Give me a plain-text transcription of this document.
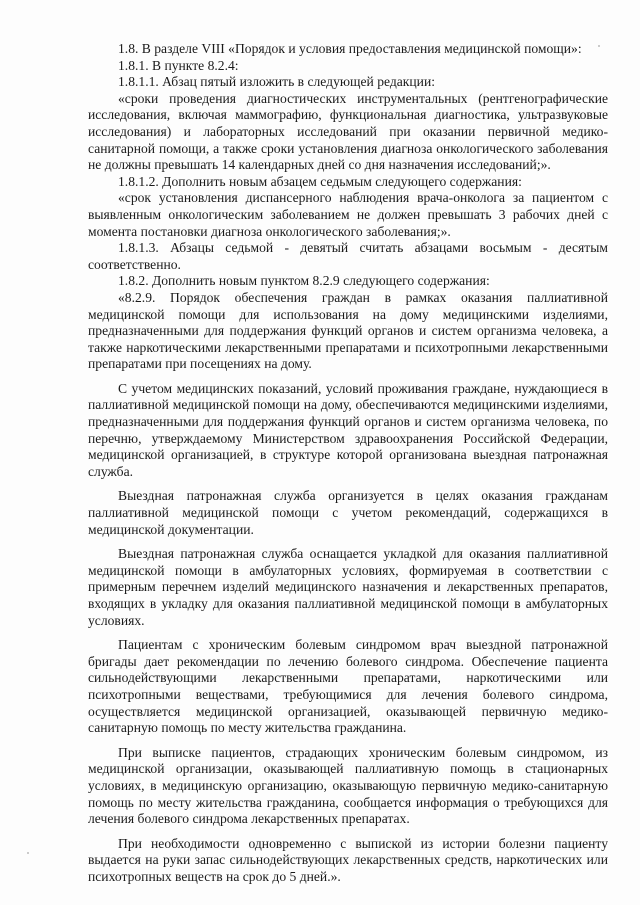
1.8. В разделе VIII «Порядок и условия предоставления медицинской помощи»:

1.8.1. В пункте 8.2.4:

1.8.1.1. Абзац пятый изложить в следующей редакции:

«сроки проведения диагностических инструментальных (рентгенографические исследования, включая маммографию, функциональная диагностика, ультразвуковые исследования) и лабораторных исследований при оказании первичной медико-санитарной помощи, а также сроки установления диагноза онкологического заболевания не должны превышать 14 календарных дней со дня назначения исследований;».

1.8.1.2. Дополнить новым абзацем седьмым следующего содержания:

«срок установления диспансерного наблюдения врача-онколога за пациентом с выявленным онкологическим заболеванием не должен превышать 3 рабочих дней с момента постановки диагноза онкологического заболевания;».

1.8.1.3. Абзацы седьмой - девятый считать абзацами восьмым - десятым соответственно.

1.8.2. Дополнить новым пунктом 8.2.9 следующего содержания:

«8.2.9. Порядок обеспечения граждан в рамках оказания паллиативной медицинской помощи для использования на дому медицинскими изделиями, предназначенными для поддержания функций органов и систем организма человека, а также наркотическими лекарственными препаратами и психотропными лекарственными препаратами при посещениях на дому.

С учетом медицинских показаний, условий проживания граждане, нуждающиеся в паллиативной медицинской помощи на дому, обеспечиваются медицинскими изделиями, предназначенными для поддержания функций органов и систем организма человека, по перечню, утверждаемому Министерством здравоохранения Российской Федерации, медицинской организацией, в структуре которой организована выездная патронажная служба.

Выездная патронажная служба организуется в целях оказания гражданам паллиативной медицинской помощи с учетом рекомендаций, содержащихся в медицинской документации.

Выездная патронажная служба оснащается укладкой для оказания паллиативной медицинской помощи в амбулаторных условиях, формируемая в соответствии с примерным перечнем изделий медицинского назначения и лекарственных препаратов, входящих в укладку для оказания паллиативной медицинской помощи в амбулаторных условиях.

Пациентам с хроническим болевым синдромом врач выездной патронажной бригады дает рекомендации по лечению болевого синдрома. Обеспечение пациента сильнодействующими лекарственными препаратами, наркотическими или психотропными веществами, требующимися для лечения болевого синдрома, осуществляется медицинской организацией, оказывающей первичную медико-санитарную помощь по месту жительства гражданина.

При выписке пациентов, страдающих хроническим болевым синдромом, из медицинской организации, оказывающей паллиативную помощь в стационарных условиях, в медицинскую организацию, оказывающую первичную медико-санитарную помощь по месту жительства гражданина, сообщается информация о требующихся для лечения болевого синдрома лекарственных препаратах.

При необходимости одновременно с выпиской из истории болезни пациенту выдается на руки запас сильнодействующих лекарственных средств, наркотических или психотропных веществ на срок до 5 дней.».
